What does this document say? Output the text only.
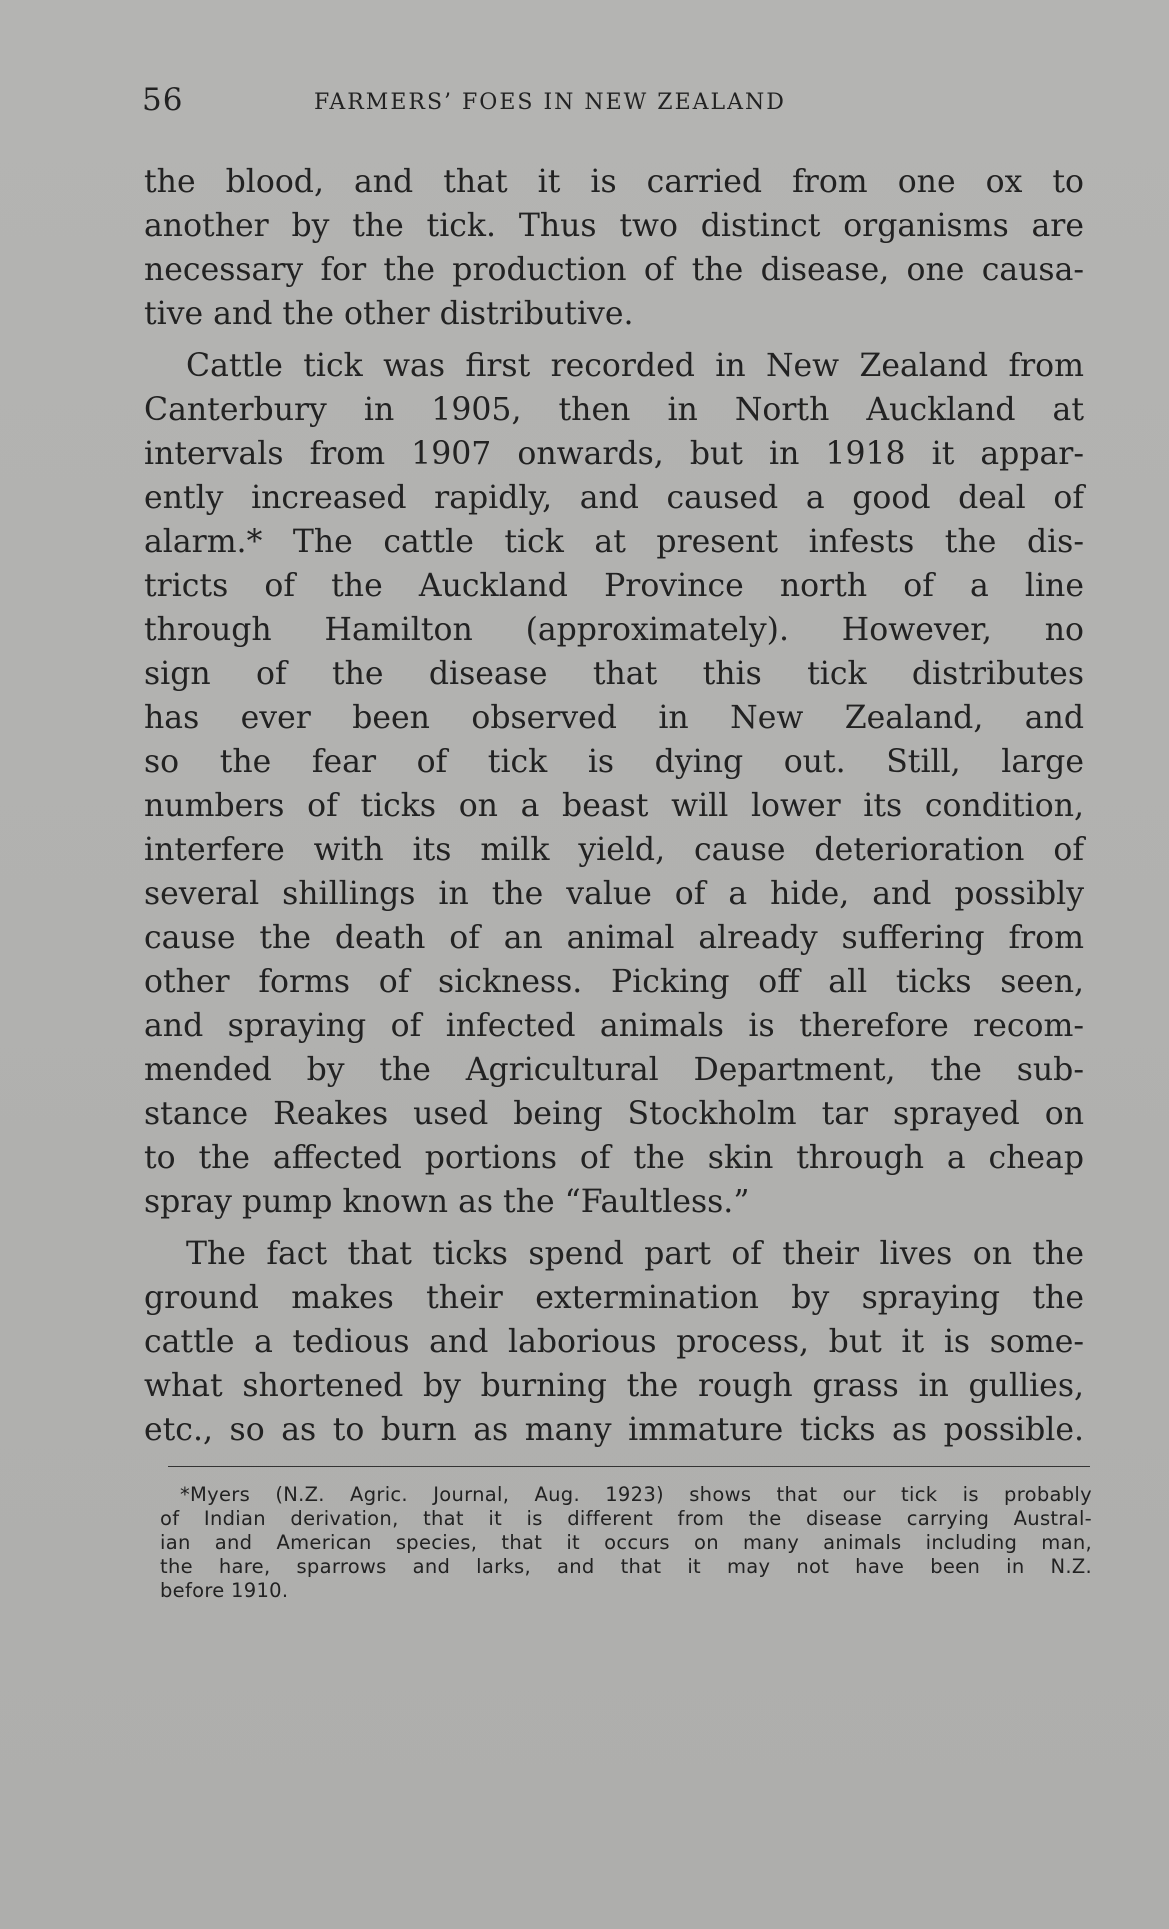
56	FARMERS’ FOES IN NEW ZEALAND
the blood, and that it is carried from one ox to
another by the tick. Thus two distinct organisms are
necessary for the production of the disease, one causa-
tive and the other distributive.
Cattle tick was first recorded in New Zealand from
Canterbury in 1905, then in North Auckland at
intervals from 1907 onwards, but in 1918 it appar-
ently increased rapidly, and caused a good deal of
alarm.* The cattle tick at present infests the dis-
tricts of the Auckland Province north of a line
through Hamilton (approximately). However, no
sign of the disease that this tick distributes
has ever been observed in New Zealand, and
so the fear of tick is dying out. Still, large
numbers of ticks on a beast will lower its condition,
interfere with its milk yield, cause deterioration of
several shillings in the value of a hide, and possibly
cause the death of an animal already suffering from
other forms of sickness. Picking off all ticks seen,
and spraying of infected animals is therefore recom-
mended by the Agricultural Department, the sub-
stance Reakes used being Stockholm tar sprayed on
to the affected portions of the skin through a cheap
spray pump known as the “Faultless.”
The fact that ticks spend part of their lives on the
ground makes their extermination by spraying the
cattle a tedious and laborious process, but it is some-
what shortened by burning the rough grass in gullies,
etc., so as to burn as many immature ticks as possible.
*Myers (N.Z. Agric. Journal, Aug. 1923) shows that our tick is probably
of Indian derivation, that it is different from the disease carrying Austral-
ian and American species, that it occurs on many animals including man,
the hare, sparrows and larks, and that it may not have been in N.Z.
before 1910.
